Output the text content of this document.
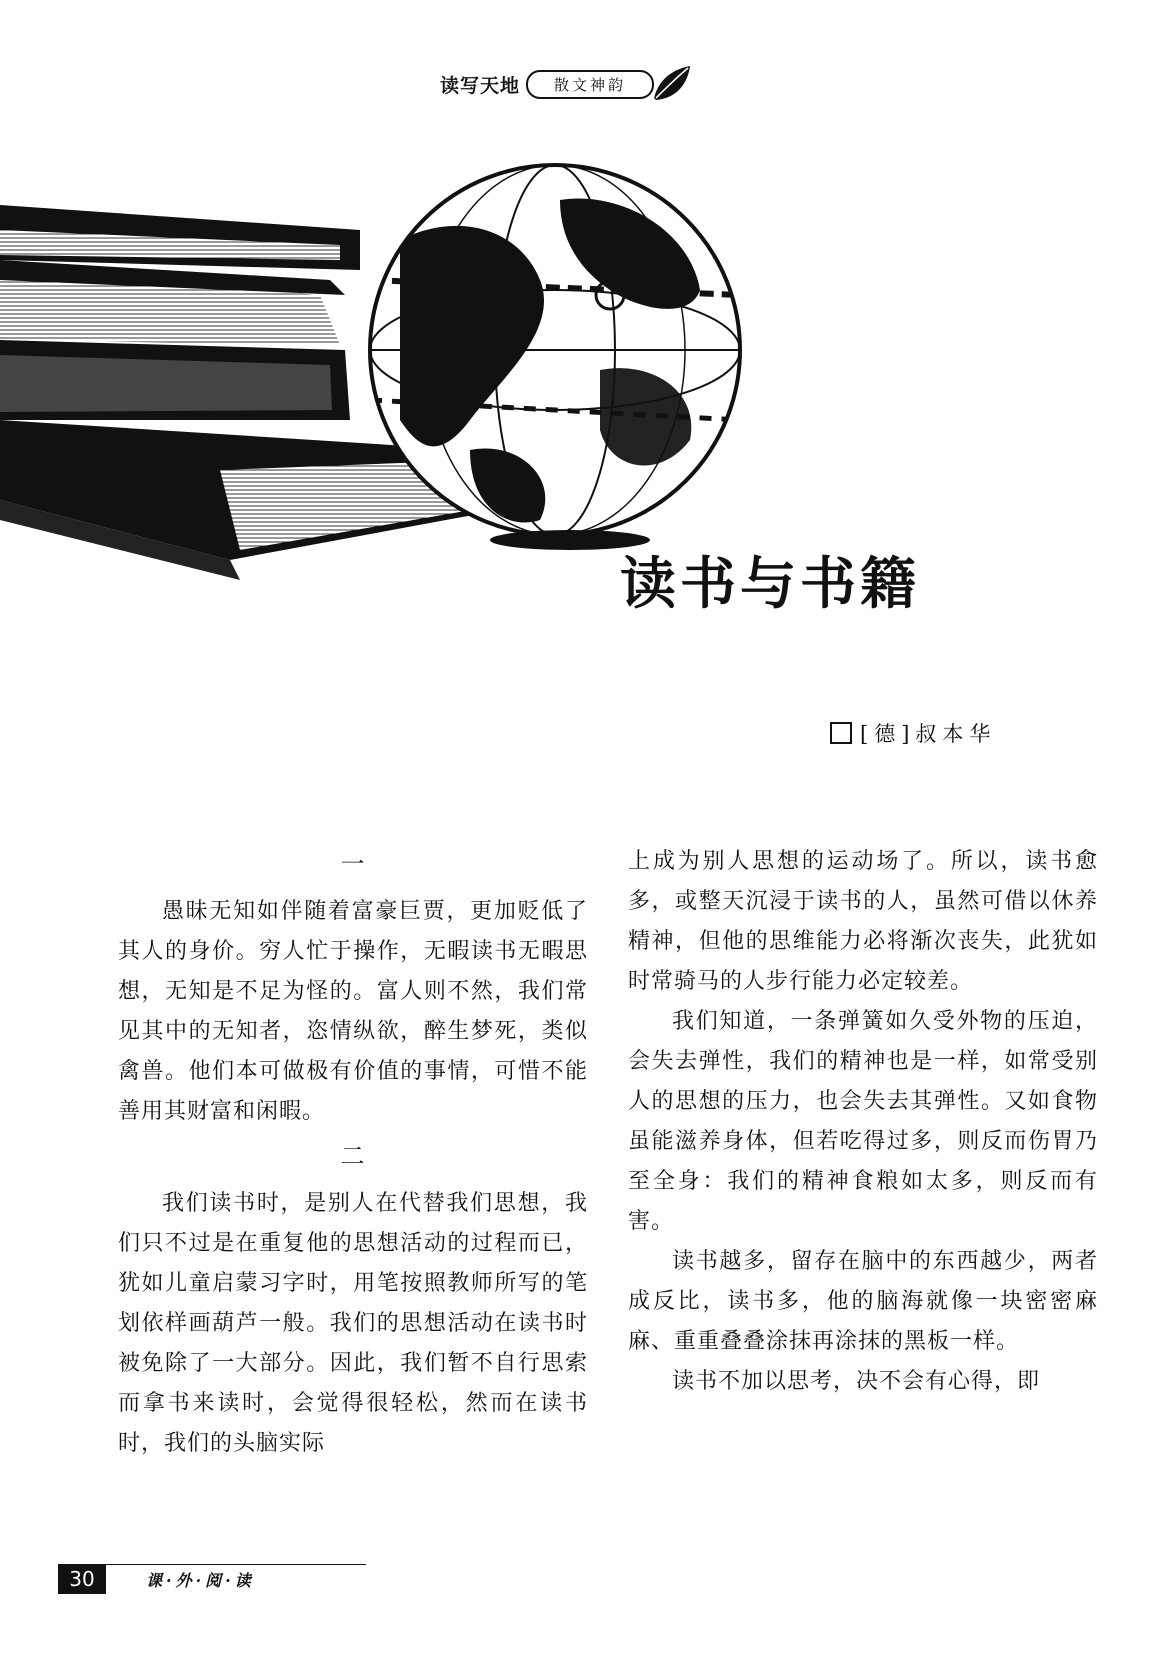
读写天地	散文神韵
读书与书籍
[德]叔本华
一

愚昧无知如伴随着富豪巨贾，更加贬低了其人的身价。穷人忙于操作，无暇读书无暇思想，无知是不足为怪的。富人则不然，我们常见其中的无知者，恣情纵欲，醉生梦死，类似禽兽。他们本可做极有价值的事情，可惜不能善用其财富和闲暇。

二

我们读书时，是别人在代替我们思想，我们只不过是在重复他的思想活动的过程而已，犹如儿童启蒙习字时，用笔按照教师所写的笔划依样画葫芦一般。我们的思想活动在读书时被免除了一大部分。因此，我们暂不自行思索而拿书来读时，会觉得很轻松，然而在读书时，我们的头脑实际

上成为别人思想的运动场了。所以，读书愈多，或整天沉浸于读书的人，虽然可借以休养精神，但他的思维能力必将渐次丧失，此犹如时常骑马的人步行能力必定较差。

我们知道，一条弹簧如久受外物的压迫，会失去弹性，我们的精神也是一样，如常受别人的思想的压力，也会失去其弹性。又如食物虽能滋养身体，但若吃得过多，则反而伤胃乃至全身：我们的精神食粮如太多，则反而有害。

读书越多，留存在脑中的东西越少，两者成反比，读书多，他的脑海就像一块密密麻麻、重重叠叠涂抹再涂抹的黑板一样。

读书不加以思考，决不会有心得，即

30	课·外·阅·读
